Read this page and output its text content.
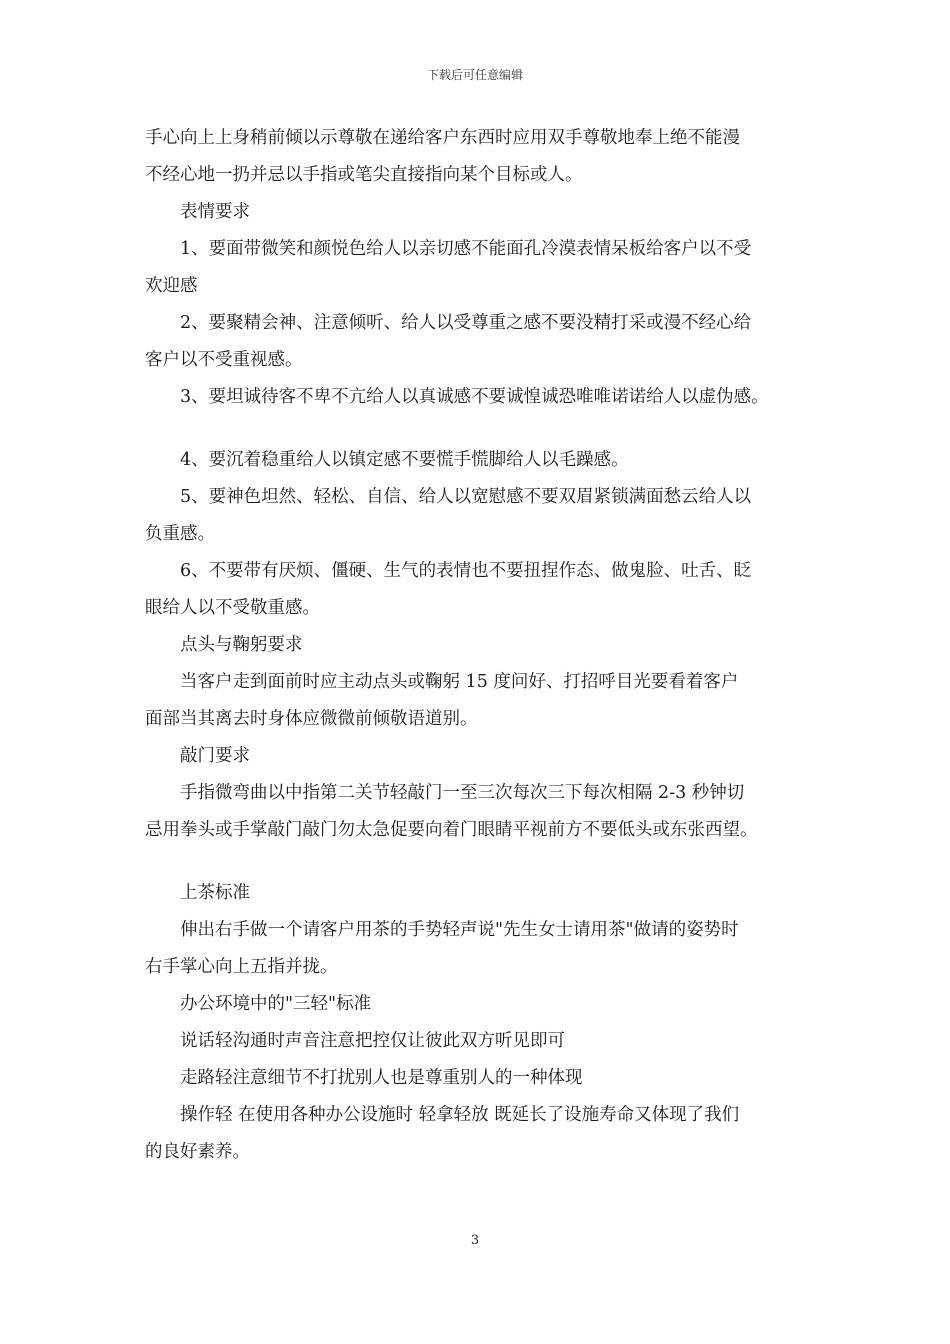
下载后可任意编辑
手心向上上身稍前倾以示尊敬在递给客户东西时应用双手尊敬地奉上绝不能漫
不经心地一扔并忌以手指或笔尖直接指向某个目标或人。
表情要求
1、要面带微笑和颜悦色给人以亲切感不能面孔冷漠表情呆板给客户以不受
欢迎感
2、要聚精会神、注意倾听、给人以受尊重之感不要没精打采或漫不经心给
客户以不受重视感。
3、要坦诚待客不卑不亢给人以真诚感不要诚惶诚恐唯唯诺诺给人以虚伪感。
4、要沉着稳重给人以镇定感不要慌手慌脚给人以毛躁感。
5、要神色坦然、轻松、自信、给人以宽慰感不要双眉紧锁满面愁云给人以
负重感。
6、不要带有厌烦、僵硬、生气的表情也不要扭捏作态、做鬼脸、吐舌、眨
眼给人以不受敬重感。
点头与鞠躬要求
当客户走到面前时应主动点头或鞠躬 15 度问好、打招呼目光要看着客户
面部当其离去时身体应微微前倾敬语道别。
敲门要求
手指微弯曲以中指第二关节轻敲门一至三次每次三下每次相隔 2-3 秒钟切
忌用拳头或手掌敲门敲门勿太急促要向着门眼睛平视前方不要低头或东张西望。
上茶标准
伸出右手做一个请客户用茶的手势轻声说"先生女士请用茶"做请的姿势时
右手掌心向上五指并拢。
办公环境中的"三轻"标准
说话轻沟通时声音注意把控仅让彼此双方听见即可
走路轻注意细节不打扰别人也是尊重别人的一种体现
操作轻 在使用各种办公设施时 轻拿轻放 既延长了设施寿命又体现了我们
的良好素养。
3
